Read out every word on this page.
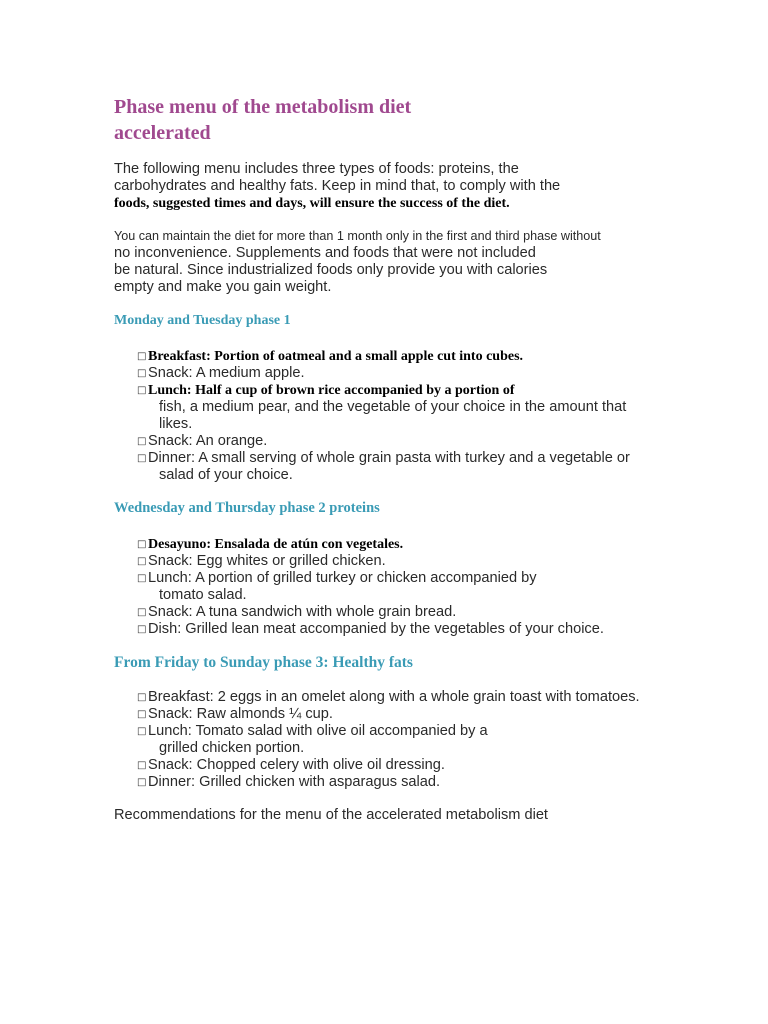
Phase menu of the metabolism diet
accelerated
The following menu includes three types of foods: proteins, the
carbohydrates and healthy fats. Keep in mind that, to comply with the
foods, suggested times and days, will ensure the success of the diet.
You can maintain the diet for more than 1 month only in the first and third phase without
no inconvenience. Supplements and foods that were not included
be natural. Since industrialized foods only provide you with calories
empty and make you gain weight.
Monday and Tuesday phase 1
□ Breakfast: Portion of oatmeal and a small apple cut into cubes.
□ Snack: A medium apple.
□ Lunch: Half a cup of brown rice accompanied by a portion of
fish, a medium pear, and the vegetable of your choice in the amount that
likes.
□ Snack: An orange.
□ Dinner: A small serving of whole grain pasta with turkey and a vegetable or
salad of your choice.
Wednesday and Thursday phase 2 proteins
□ Desayuno: Ensalada de atún con vegetales.
□ Snack: Egg whites or grilled chicken.
□ Lunch: A portion of grilled turkey or chicken accompanied by
tomato salad.
□ Snack: A tuna sandwich with whole grain bread.
□ Dish: Grilled lean meat accompanied by the vegetables of your choice.
From Friday to Sunday phase 3: Healthy fats
□ Breakfast: 2 eggs in an omelet along with a whole grain toast with tomatoes.
□ Snack: Raw almonds ¼ cup.
□ Lunch: Tomato salad with olive oil accompanied by a
grilled chicken portion.
□ Snack: Chopped celery with olive oil dressing.
□ Dinner: Grilled chicken with asparagus salad.
Recommendations for the menu of the accelerated metabolism diet
